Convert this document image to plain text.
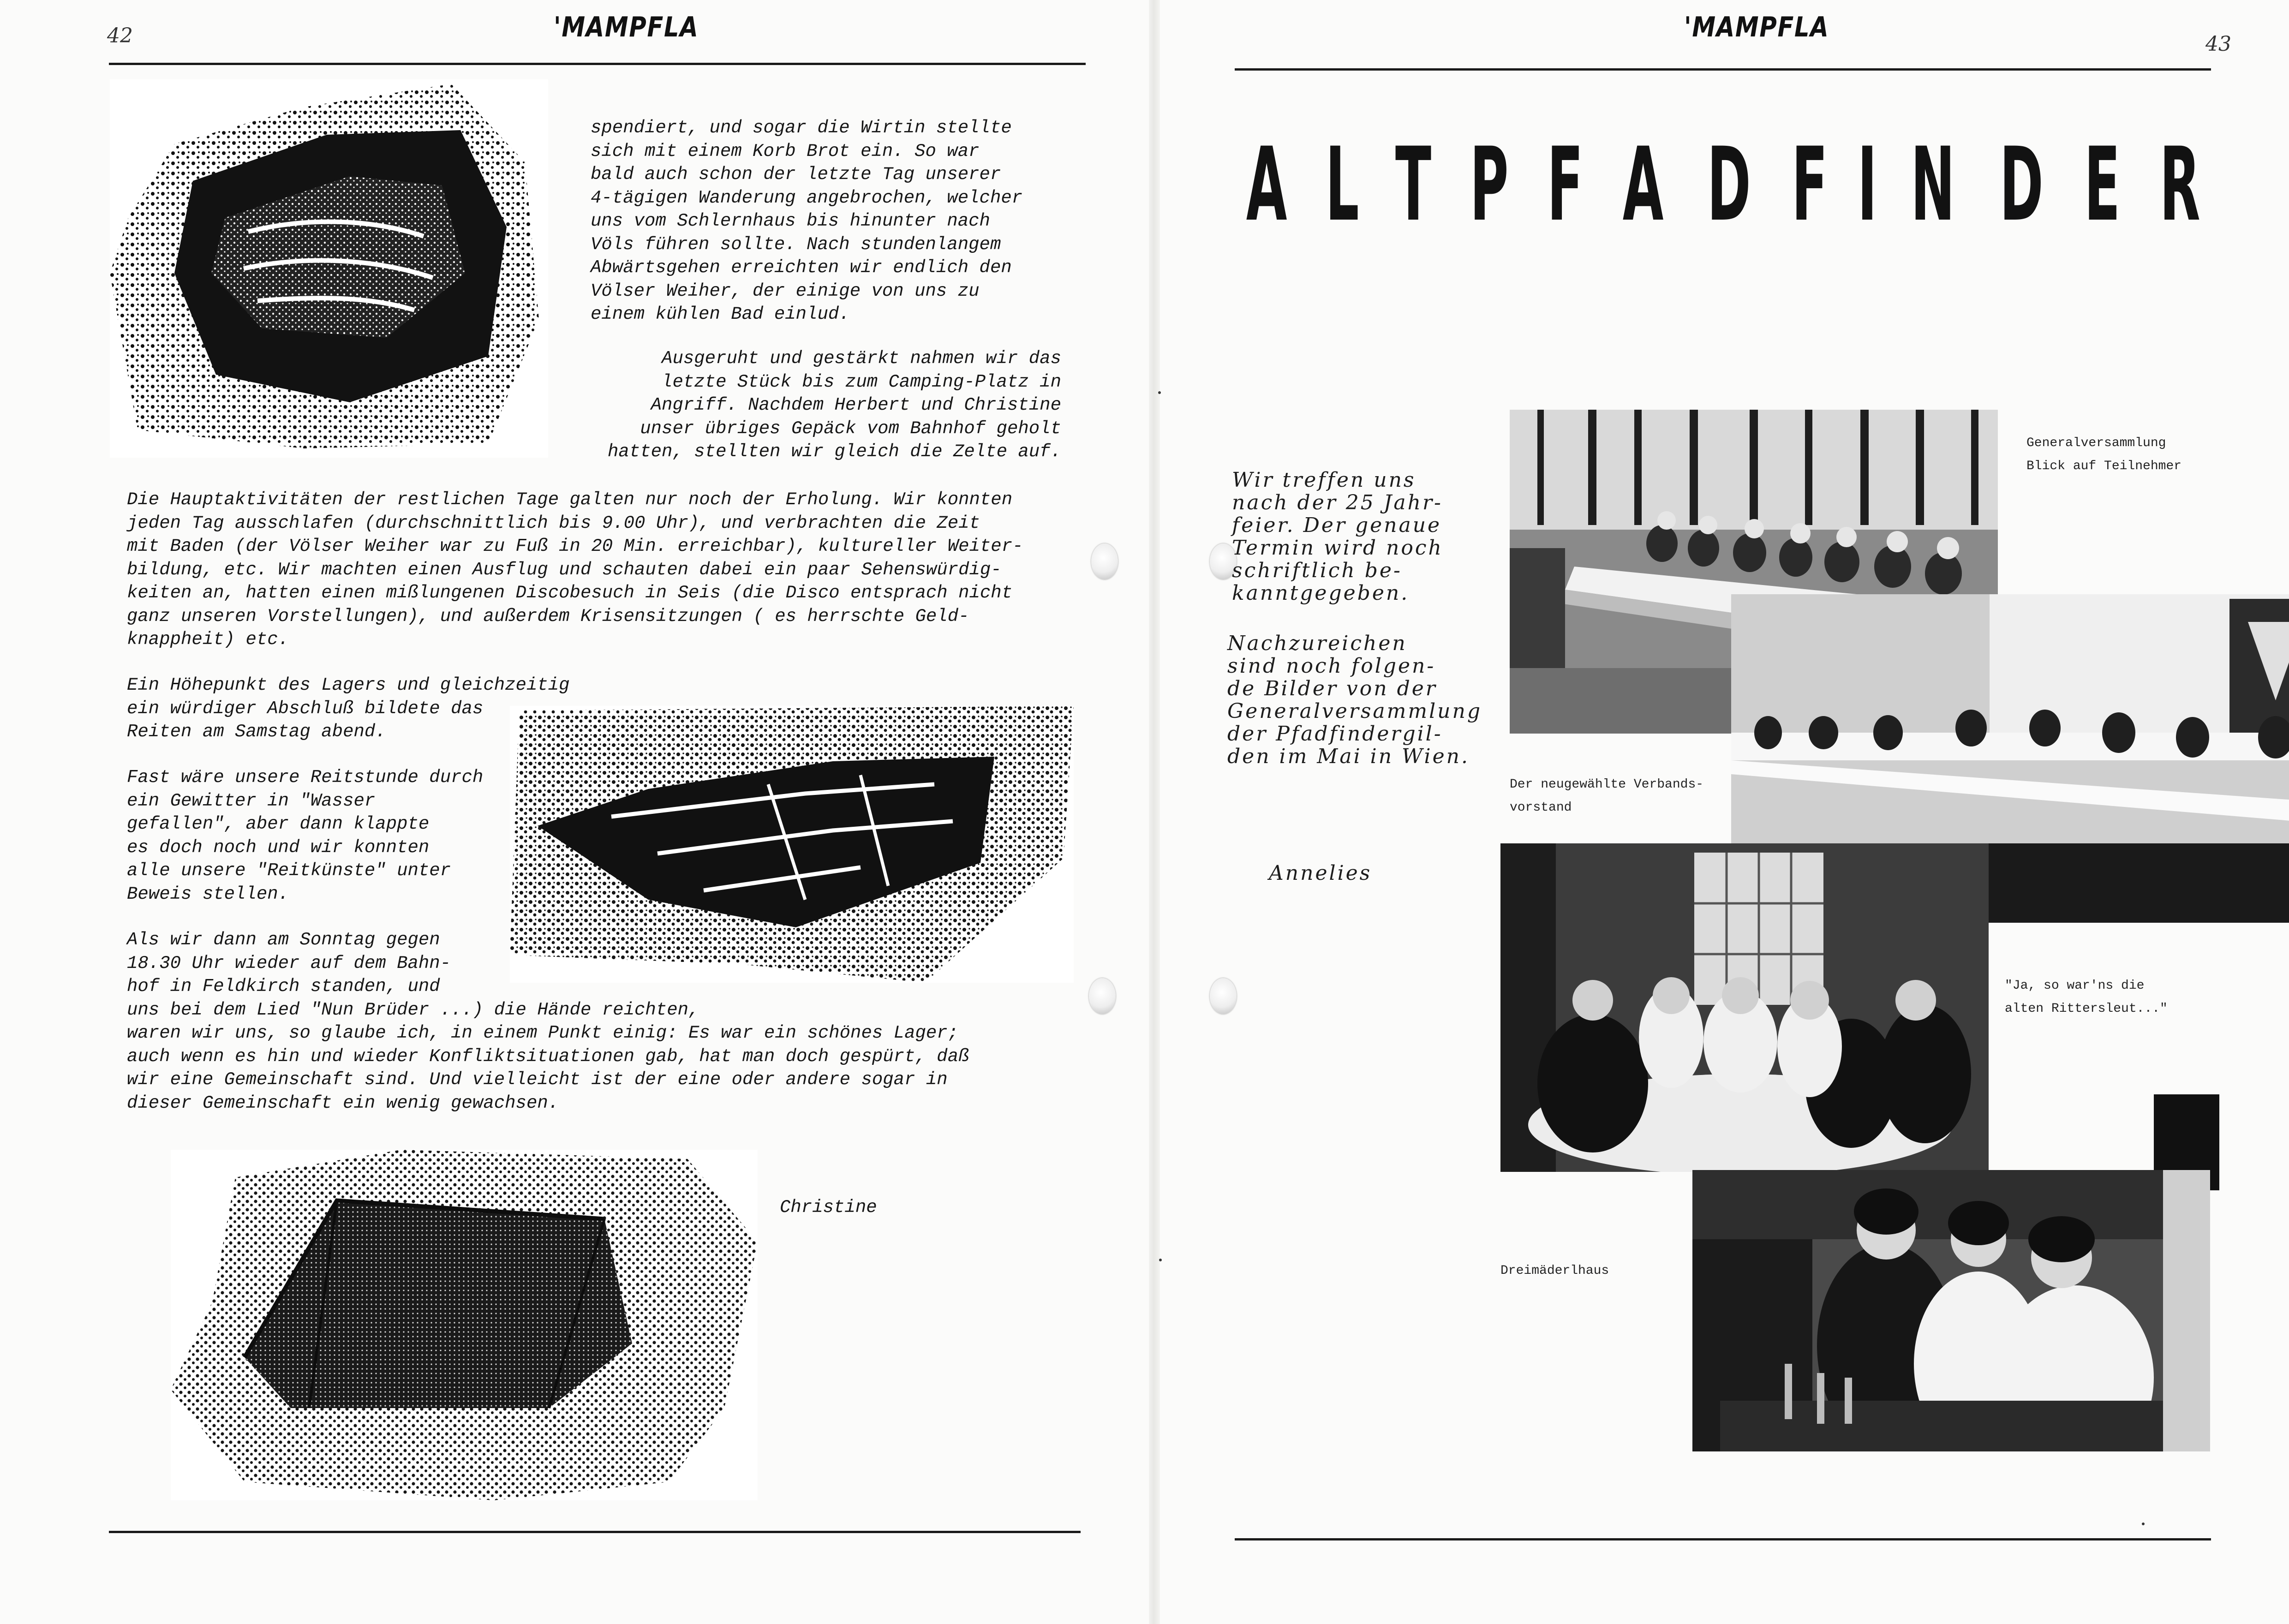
42	'MAMPFLA
spendiert, und sogar die Wirtin stellte
sich mit einem Korb Brot ein. So war
bald auch schon der letzte Tag unserer
4-tägigen Wanderung angebrochen, welcher
uns vom Schlernhaus bis hinunter nach
Völs führen sollte. Nach stundenlangem
Abwärtsgehen erreichten wir endlich den
Völser Weiher, der einige von uns zu
einem kühlen Bad einlud.
Ausgeruht und gestärkt nahmen wir das
letzte Stück bis zum Camping-Platz in
Angriff. Nachdem Herbert und Christine
unser übriges Gepäck vom Bahnhof geholt
hatten, stellten wir gleich die Zelte auf.
Die Hauptaktivitäten der restlichen Tage galten nur noch der Erholung. Wir konnten
jeden Tag ausschlafen (durchschnittlich bis 9.00 Uhr), und verbrachten die Zeit
mit Baden (der Völser Weiher war zu Fuß in 20 Min. erreichbar), kultureller Weiter-
bildung, etc. Wir machten einen Ausflug und schauten dabei ein paar Sehenswürdig-
keiten an, hatten einen mißlungenen Discobesuch in Seis (die Disco entsprach nicht
ganz unseren Vorstellungen), und außerdem Krisensitzungen ( es herrschte Geld-
knappheit) etc.
Ein Höhepunkt des Lagers und gleichzeitig
ein würdiger Abschluß bildete das
Reiten am Samstag abend.
Fast wäre unsere Reitstunde durch
ein Gewitter in "Wasser
gefallen", aber dann klappte
es doch noch und wir konnten
alle unsere "Reitkünste" unter
Beweis stellen.
Als wir dann am Sonntag gegen
18.30 Uhr wieder auf dem Bahn-
hof in Feldkirch standen, und
uns bei dem Lied "Nun Brüder ...) die Hände reichten,
waren wir uns, so glaube ich, in einem Punkt einig: Es war ein schönes Lager;
auch wenn es hin und wieder Konfliktsituationen gab, hat man doch gespürt, daß
wir eine Gemeinschaft sind. Und vielleicht ist der eine oder andere sogar in
dieser Gemeinschaft ein wenig gewachsen.
Christine
'MAMPFLA
43
Wir treffen uns
nach der 25 Jahr-
feier. Der genaue
Termin wird noch
schriftlich be-
kanntgegeben.
Nachzureichen
sind noch folgen-
de Bilder von der
Generalversammlung
der Pfadfindergil-
den im Mai in Wien.
Annelies
Generalversammlung
Blick auf Teilnehmer
Der neugewählte Verbands-
vorstand
"Ja, so war'ns die
alten Rittersleut..."
Dreimäderlhaus
A L T P F A D F I N D E R
